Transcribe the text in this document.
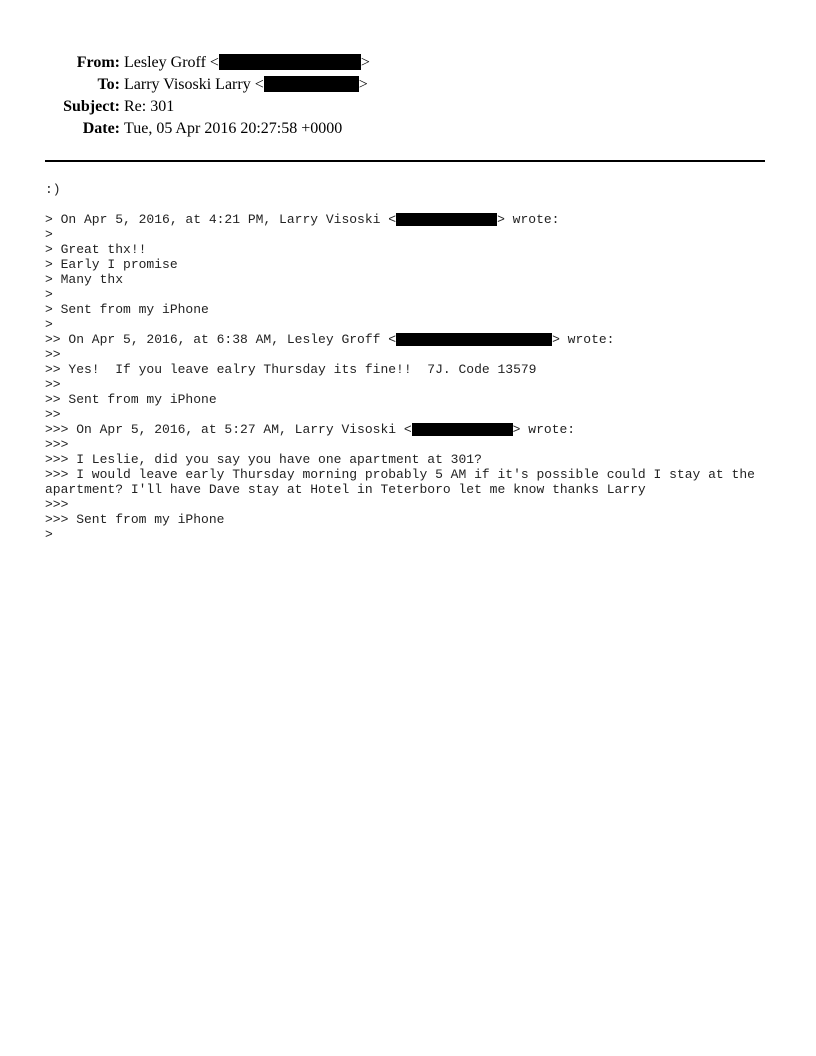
From: Lesley Groff <	>
To: Larry Visoski Larry <	>
Subject: Re: 301
Date: Tue, 05 Apr 2016 20:27:58 +0000
:)
> On Apr 5, 2016, at 4:21 PM, Larry Visoski <	> wrote:
>
> Great thx!!
> Early I promise
> Many thx
>
> Sent from my iPhone
>
>> On Apr 5, 2016, at 6:38 AM, Lesley Groff <	> wrote:
>>
>> Yes!  If you leave ealry Thursday its fine!!  7J. Code 13579
>>
>> Sent from my iPhone
>>
>>> On Apr 5, 2016, at 5:27 AM, Larry Visoski <	> wrote:
>>>
>>> I Leslie, did you say you have one apartment at 301?
>>> I would leave early Thursday morning probably 5 AM if it's possible could I stay at the
apartment? I'll have Dave stay at Hotel in Teterboro let me know thanks Larry
>>>
>>> Sent from my iPhone
>
